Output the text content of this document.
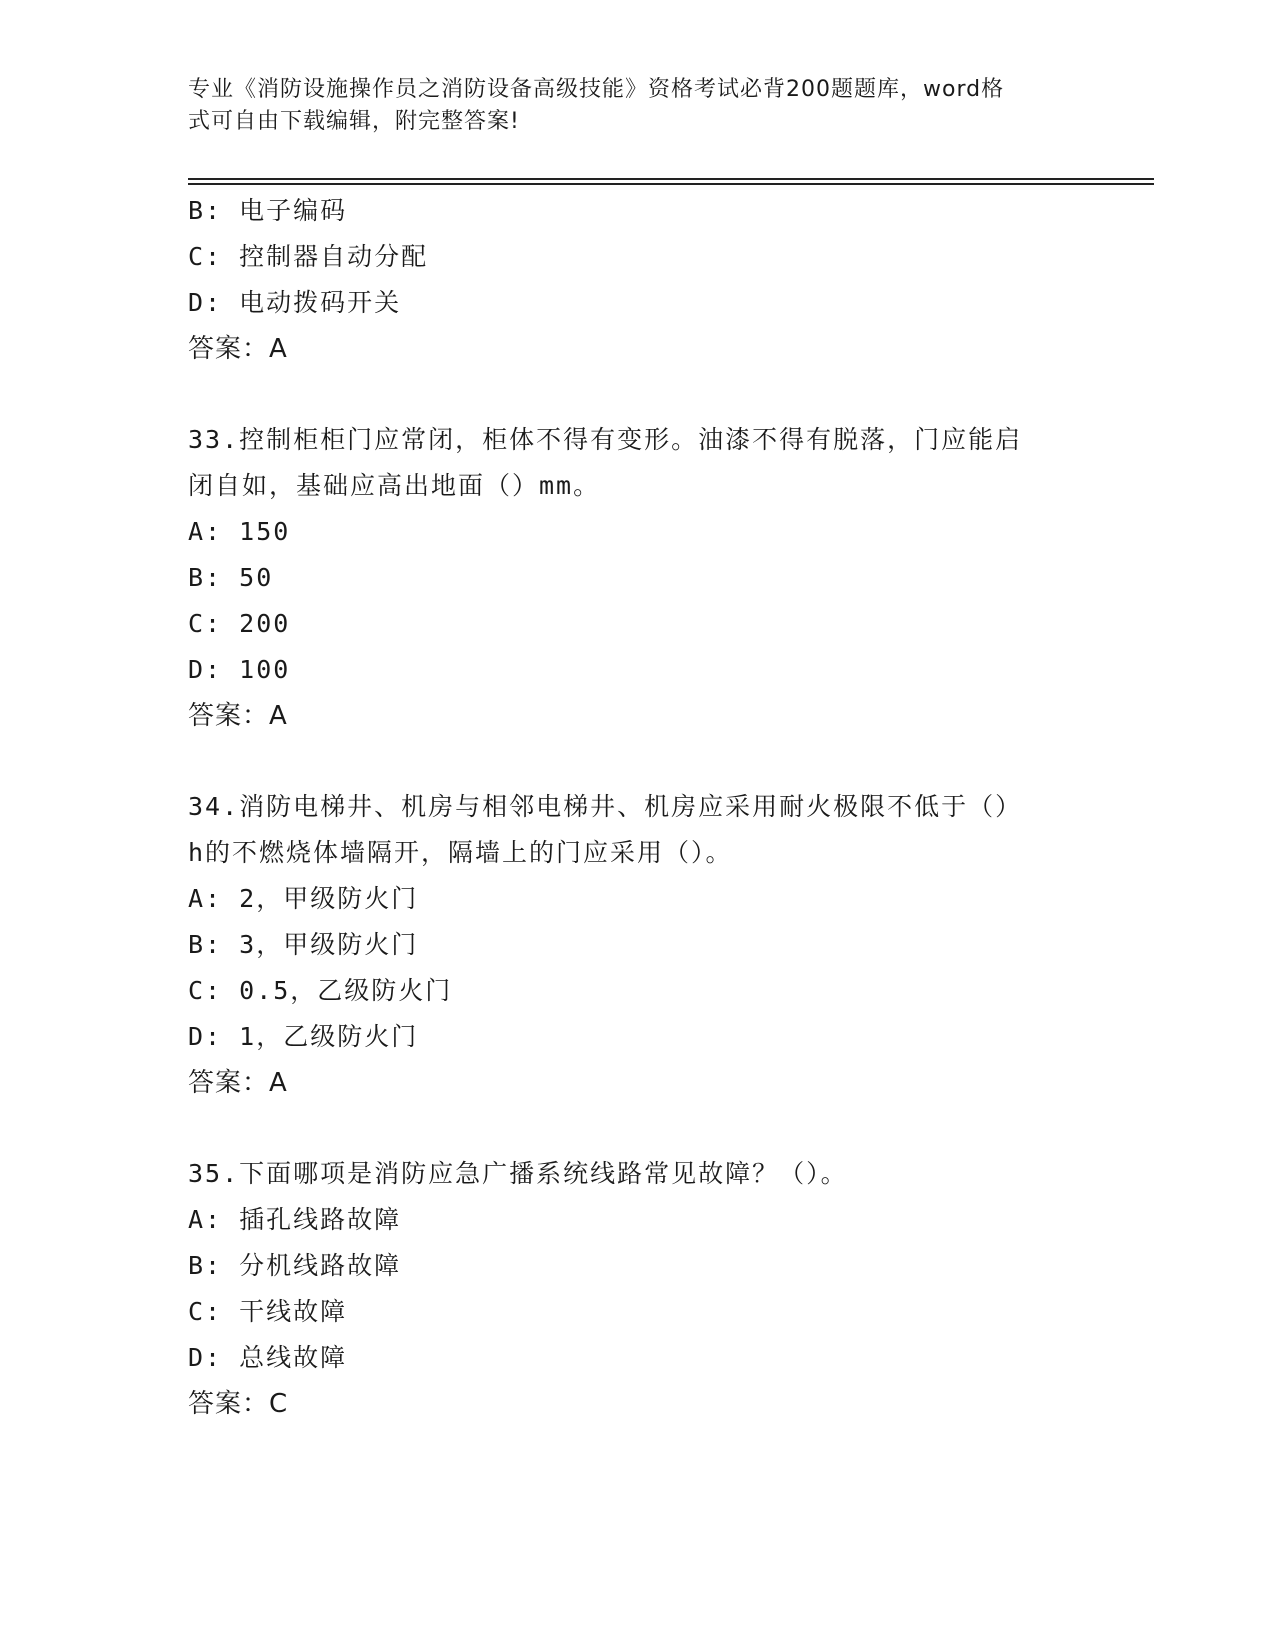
专业《消防设施操作员之消防设备高级技能》资格考试必背200题题库，word格
式可自由下载编辑，附完整答案!
B: 电子编码
C: 控制器自动分配
D: 电动拨码开关
答案：A
33.控制柜柜门应常闭，柜体不得有变形。油漆不得有脱落，门应能启
闭自如，基础应高出地面（）mm。
A: 150
B: 50
C: 200
D: 100
答案：A
34.消防电梯井、机房与相邻电梯井、机房应采用耐火极限不低于（）
h的不燃烧体墙隔开，隔墙上的门应采用（）。
A: 2，甲级防火门
B: 3，甲级防火门
C: 0.5，乙级防火门
D: 1，乙级防火门
答案：A
35.下面哪项是消防应急广播系统线路常见故障？（）。
A: 插孔线路故障
B: 分机线路故障
C: 干线故障
D: 总线故障
答案：C
